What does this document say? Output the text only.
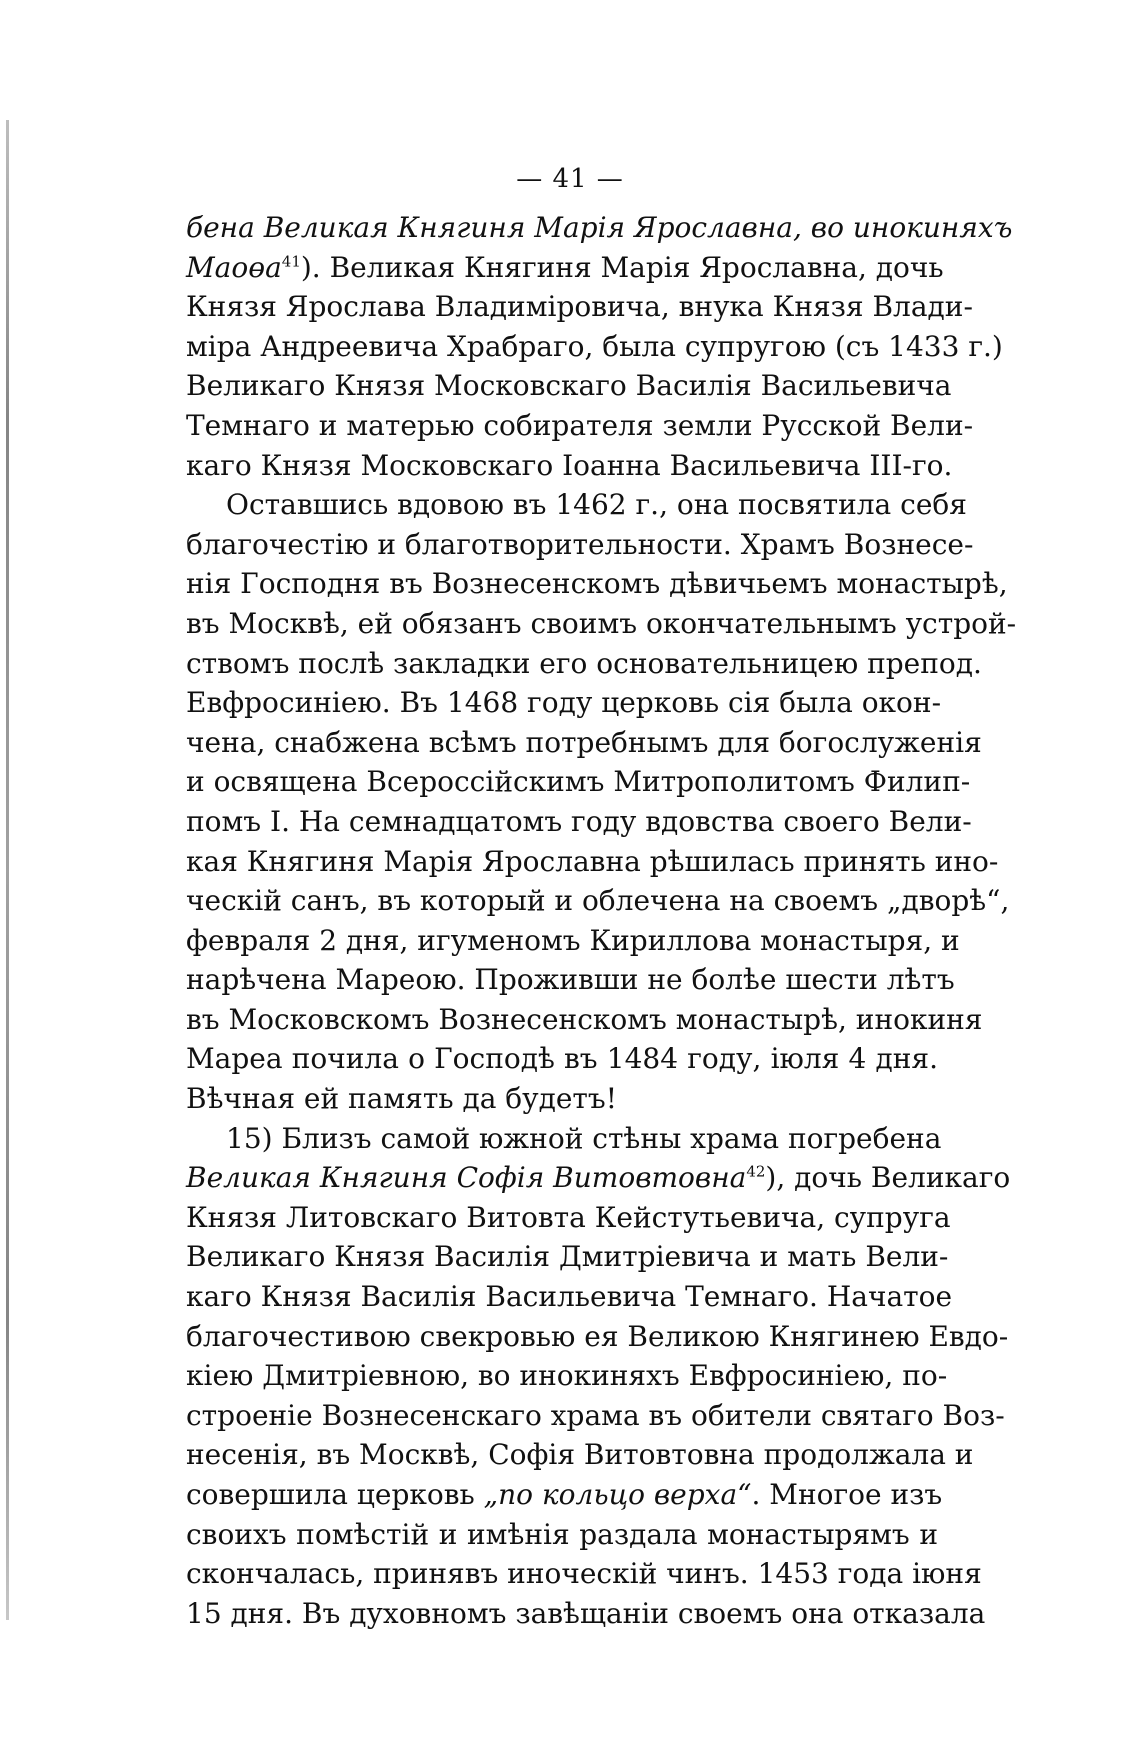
— 41 —
бена Великая Княгиня Марія Ярославна, во инокиняхъ
Маоөа$^{41}$). Великая Княгиня Марія Ярославна, дочь
Князя Ярослава Владиміровича, внука Князя Влади-
міра Андреевича Храбраго, была супругою (съ 1433 г.)
Великаго Князя Московскаго Василія Васильевича
Темнаго и матерью собирателя земли Русской Вели-
каго Князя Московскаго Іоанна Васильевича III-го.
Оставшись вдовою въ 1462 г., она посвятила себя
благочестію и благотворительности. Храмъ Вознесе-
нія Господня въ Вознесенскомъ дѣвичьемъ монастырѣ,
въ Москвѣ, ей обязанъ своимъ окончательнымъ устрой-
ствомъ послѣ закладки его основательницею препод.
Евфросиніею. Въ 1468 году церковь сія была окон-
чена, снабжена всѣмъ потребнымъ для богослуженія
и освящена Всероссійскимъ Митрополитомъ Филип-
помъ I. На семнадцатомъ году вдовства своего Вели-
кая Княгиня Марія Ярославна рѣшилась принять ино-
ческій санъ, въ который и облечена на своемъ „дворѣ“,
февраля 2 дня, игуменомъ Кириллова монастыря, и
нарѣчена Мареою. Проживши не болѣе шести лѣтъ
въ Московскомъ Вознесенскомъ монастырѣ, инокиня
Мареа почила о Господѣ въ 1484 году, іюля 4 дня.
Вѣчная ей память да будетъ!
15) Близъ самой южной стѣны храма погребена
Великая Княгиня Софія Витовтовна$^{42}$), дочь Великаго
Князя Литовскаго Витовта Кейстутьевича, супруга
Великаго Князя Василія Дмитріевича и мать Вели-
каго Князя Василія Васильевича Темнаго. Начатое
благочестивою свекровью ея Великою Княгинею Евдо-
кіею Дмитріевною, во инокиняхъ Евфросиніею, по-
строеніе Вознесенскаго храма въ обители святаго Воз-
несенія, въ Москвѣ, Софія Витовтовна продолжала и
совершила церковь „по кольцо верха“. Многое изъ
своихъ помѣстій и имѣнія раздала монастырямъ и
скончалась, принявъ иноческій чинъ. 1453 года іюня
15 дня. Въ духовномъ завѣщаніи своемъ она отказала
